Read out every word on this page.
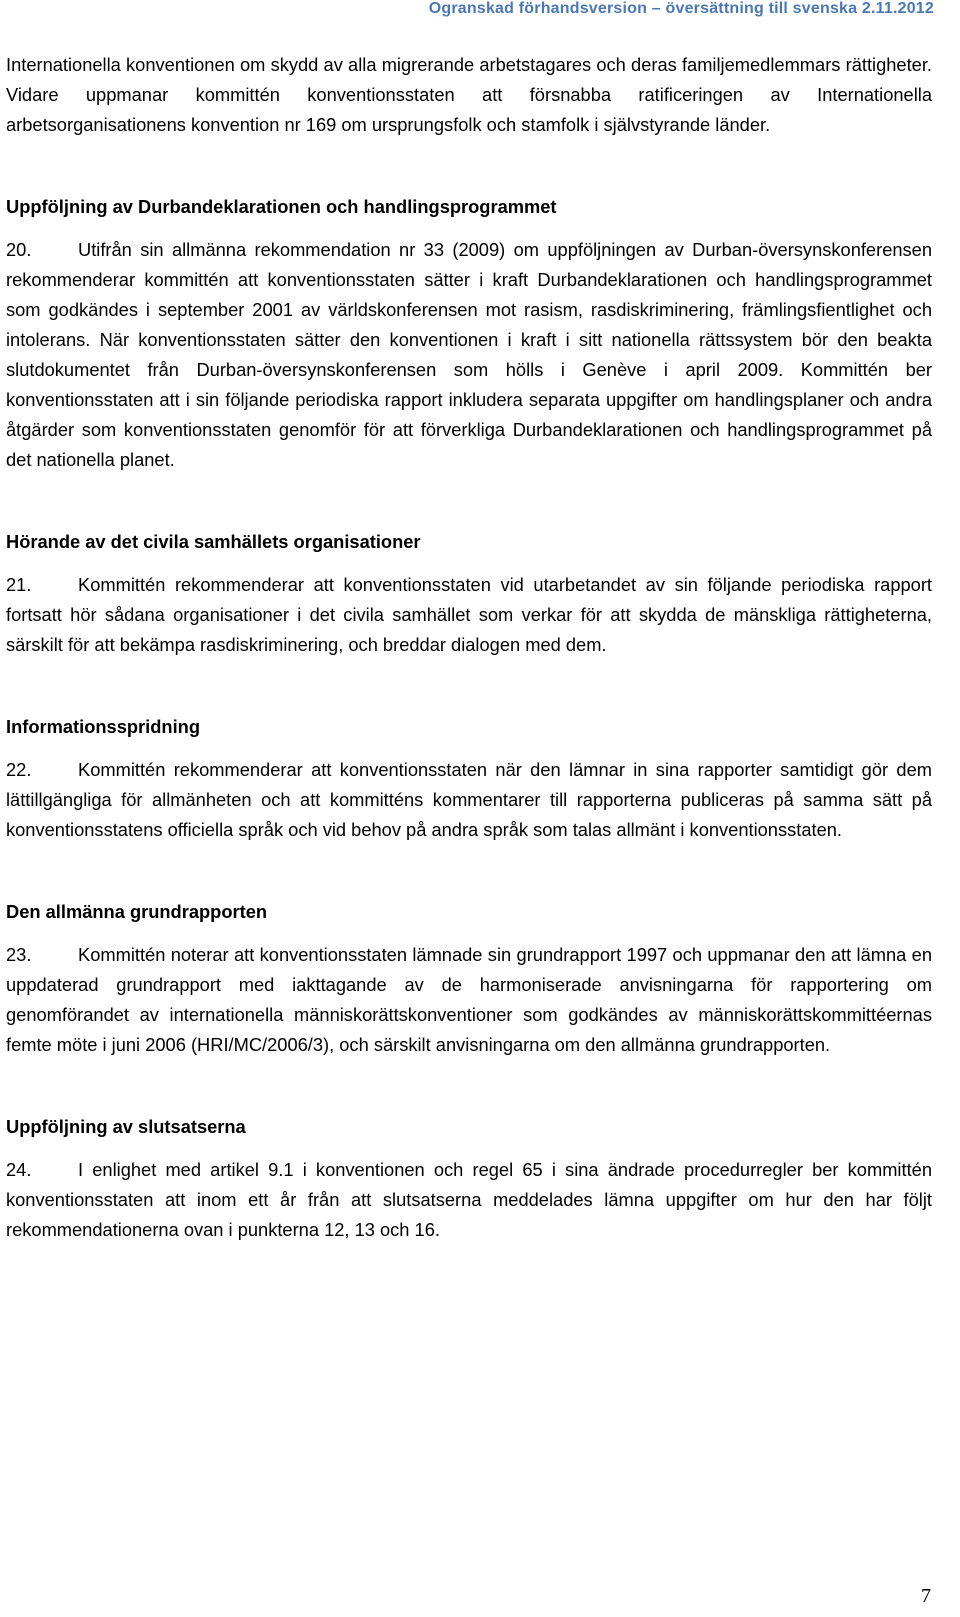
Ogranskad förhandsversion – översättning till svenska 2.11.2012

Internationella konventionen om skydd av alla migrerande arbetstagares och deras familjemedlemmars rättigheter. Vidare uppmanar kommittén konventionsstaten att försnabba ratificeringen av Internationella arbetsorganisationens konvention nr 169 om ursprungsfolk och stamfolk i självstyrande länder.

Uppföljning av Durbandeklarationen och handlingsprogrammet

20.	Utifrån sin allmänna rekommendation nr 33 (2009) om uppföljningen av Durban-översynskonferensen rekommenderar kommittén att konventionsstaten sätter i kraft Durbandeklarationen och handlingsprogrammet som godkändes i september 2001 av världskonferensen mot rasism, rasdiskriminering, främlingsfientlighet och intolerans. När konventionsstaten sätter den konventionen i kraft i sitt nationella rättssystem bör den beakta slutdokumentet från Durban-översynskonferensen som hölls i Genève i april 2009. Kommittén ber konventionsstaten att i sin följande periodiska rapport inkludera separata uppgifter om handlingsplaner och andra åtgärder som konventionsstaten genomför för att förverkliga Durbandeklarationen och handlingsprogrammet på det nationella planet.

Hörande av det civila samhällets organisationer

21.	Kommittén rekommenderar att konventionsstaten vid utarbetandet av sin följande periodiska rapport fortsatt hör sådana organisationer i det civila samhället som verkar för att skydda de mänskliga rättigheterna, särskilt för att bekämpa rasdiskriminering, och breddar dialogen med dem.

Informationsspridning

22.	Kommittén rekommenderar att konventionsstaten när den lämnar in sina rapporter samtidigt gör dem lättillgängliga för allmänheten och att kommitténs kommentarer till rapporterna publiceras på samma sätt på konventionsstatens officiella språk och vid behov på andra språk som talas allmänt i konventionsstaten.

Den allmänna grundrapporten

23.	Kommittén noterar att konventionsstaten lämnade sin grundrapport 1997 och uppmanar den att lämna en uppdaterad grundrapport med iakttagande av de harmoniserade anvisningarna för rapportering om genomförandet av internationella människorättskonventioner som godkändes av människorättskommittéernas femte möte i juni 2006 (HRI/MC/2006/3), och särskilt anvisningarna om den allmänna grundrapporten.

Uppföljning av slutsatserna

24.	I enlighet med artikel 9.1 i konventionen och regel 65 i sina ändrade procedurregler ber kommittén konventionsstaten att inom ett år från att slutsatserna meddelades lämna uppgifter om hur den har följt rekommendationerna ovan i punkterna 12, 13 och 16.

7
